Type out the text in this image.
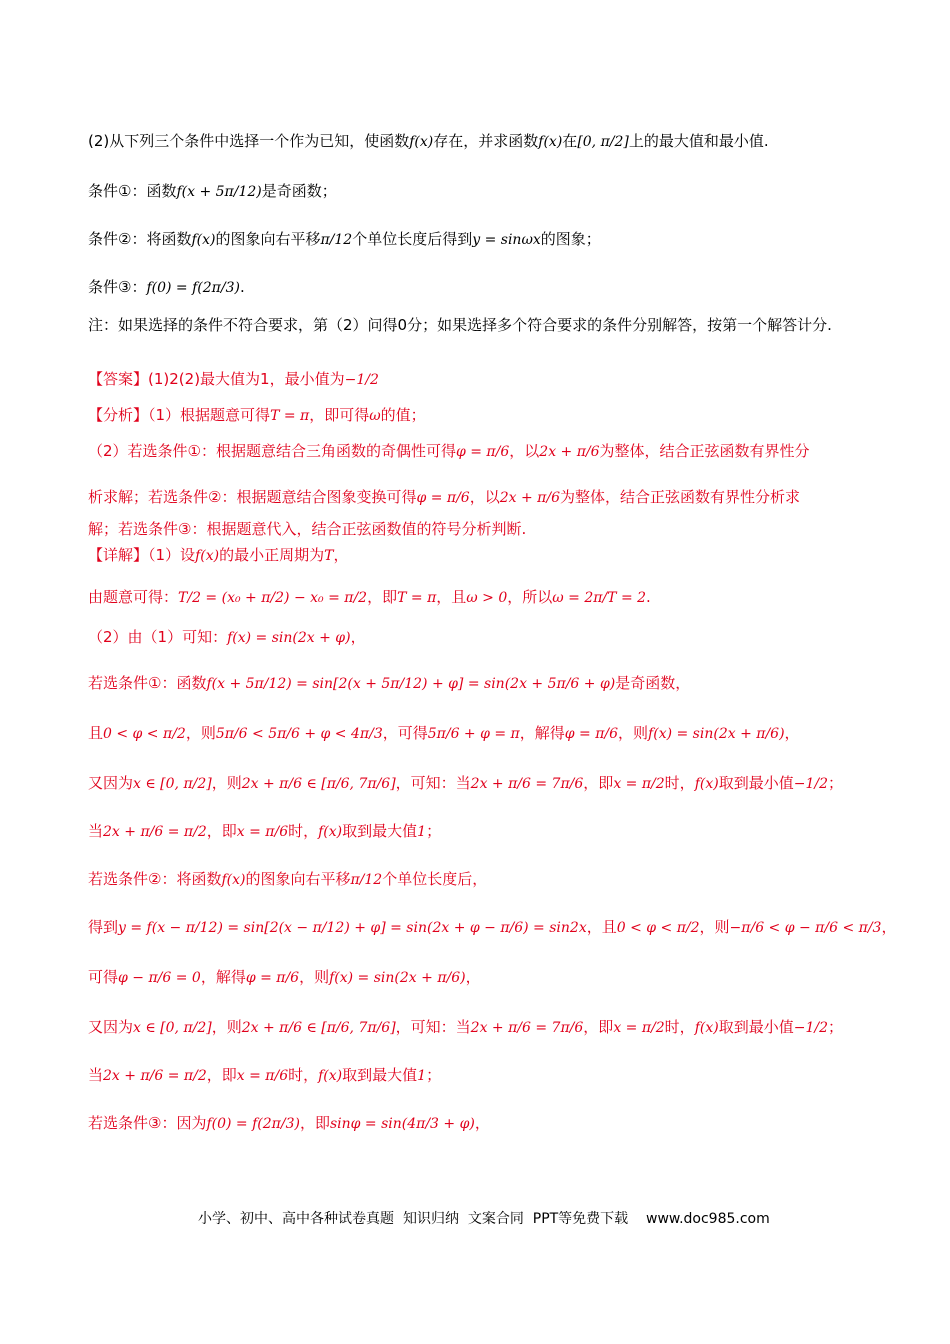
(2)从下列三个条件中选择一个作为已知，使函数f(x)存在，并求函数f(x)在[0, π/2]上的最大值和最小值.
条件①：函数f(x + 5π/12)是奇函数；
条件②：将函数f(x)的图象向右平移π/12个单位长度后得到y = sinωx的图象；
条件③：f(0) = f(2π/3).
注：如果选择的条件不符合要求，第（2）问得0分；如果选择多个符合要求的条件分别解答，按第一个解答计分.
【答案】(1)2(2)最大值为1，最小值为−1/2
【分析】（1）根据题意可得T = π，即可得ω的值；
（2）若选条件①：根据题意结合三角函数的奇偶性可得φ = π/6，以2x + π/6为整体，结合正弦函数有界性分
析求解；若选条件②：根据题意结合图象变换可得φ = π/6，以2x + π/6为整体，结合正弦函数有界性分析求
解；若选条件③：根据题意代入，结合正弦函数值的符号分析判断.
【详解】（1）设f(x)的最小正周期为T，
由题意可得：T/2 = (x₀ + π/2) − x₀ = π/2，即T = π，且ω > 0，所以ω = 2π/T = 2.
（2）由（1）可知：f(x) = sin(2x + φ)，
若选条件①：函数f(x + 5π/12) = sin[2(x + 5π/12) + φ] = sin(2x + 5π/6 + φ)是奇函数，
且0 < φ < π/2，则5π/6 < 5π/6 + φ < 4π/3，可得5π/6 + φ = π，解得φ = π/6，则f(x) = sin(2x + π/6)，
又因为x ∈ [0, π/2]，则2x + π/6 ∈ [π/6, 7π/6]，可知：当2x + π/6 = 7π/6，即x = π/2时，f(x)取到最小值−1/2；
当2x + π/6 = π/2，即x = π/6时，f(x)取到最大值1；
若选条件②：将函数f(x)的图象向右平移π/12个单位长度后，
得到y = f(x − π/12) = sin[2(x − π/12) + φ] = sin(2x + φ − π/6) = sin2x，且0 < φ < π/2，则−π/6 < φ − π/6 < π/3，
可得φ − π/6 = 0，解得φ = π/6，则f(x) = sin(2x + π/6)，
又因为x ∈ [0, π/2]，则2x + π/6 ∈ [π/6, 7π/6]，可知：当2x + π/6 = 7π/6，即x = π/2时，f(x)取到最小值−1/2；
当2x + π/6 = π/2，即x = π/6时，f(x)取到最大值1；
若选条件③：因为f(0) = f(2π/3)，即sinφ = sin(4π/3 + φ)，

小学、初中、高中各种试卷真题  知识归纳  文案合同  PPT等免费下载 www.doc985.com
